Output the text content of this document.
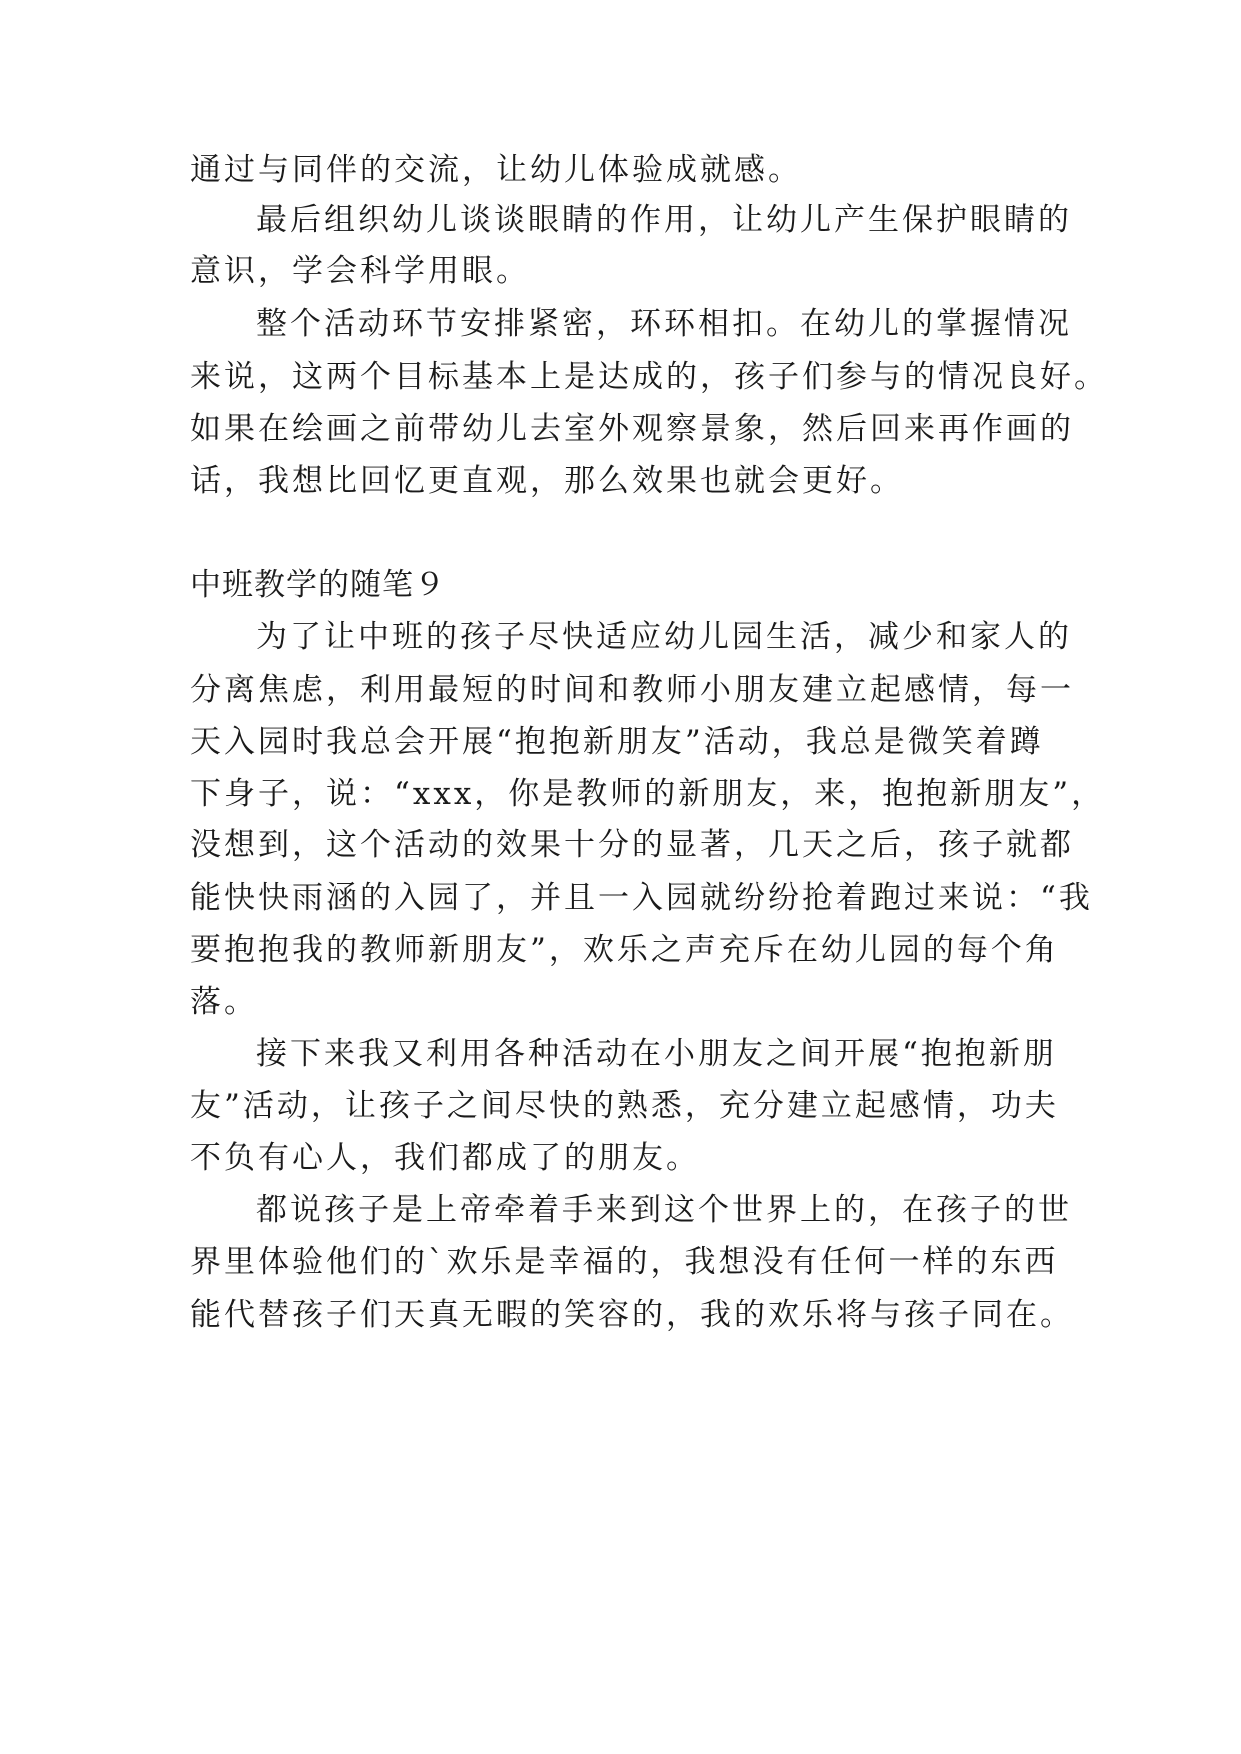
通过与同伴的交流，让幼儿体验成就感。

最后组织幼儿谈谈眼睛的作用，让幼儿产生保护眼睛的

意识，学会科学用眼。

整个活动环节安排紧密，环环相扣。在幼儿的掌握情况

来说，这两个目标基本上是达成的，孩子们参与的情况良好。

如果在绘画之前带幼儿去室外观察景象，然后回来再作画的

话，我想比回忆更直观，那么效果也就会更好。

中班教学的随笔９

为了让中班的孩子尽快适应幼儿园生活，减少和家人的

分离焦虑，利用最短的时间和教师小朋友建立起感情，每一

天入园时我总会开展“抱抱新朋友”活动，我总是微笑着蹲

下身子，说：“xxx，你是教师的新朋友，来，抱抱新朋友”，

没想到，这个活动的效果十分的显著，几天之后，孩子就都

能快快雨涵的入园了，并且一入园就纷纷抢着跑过来说：“我

要抱抱我的教师新朋友”，欢乐之声充斥在幼儿园的每个角

落。

接下来我又利用各种活动在小朋友之间开展“抱抱新朋

友”活动，让孩子之间尽快的熟悉，充分建立起感情，功夫

不负有心人，我们都成了的朋友。

都说孩子是上帝牵着手来到这个世界上的，在孩子的世

界里体验他们的`欢乐是幸福的，我想没有任何一样的东西

能代替孩子们天真无暇的笑容的，我的欢乐将与孩子同在。
